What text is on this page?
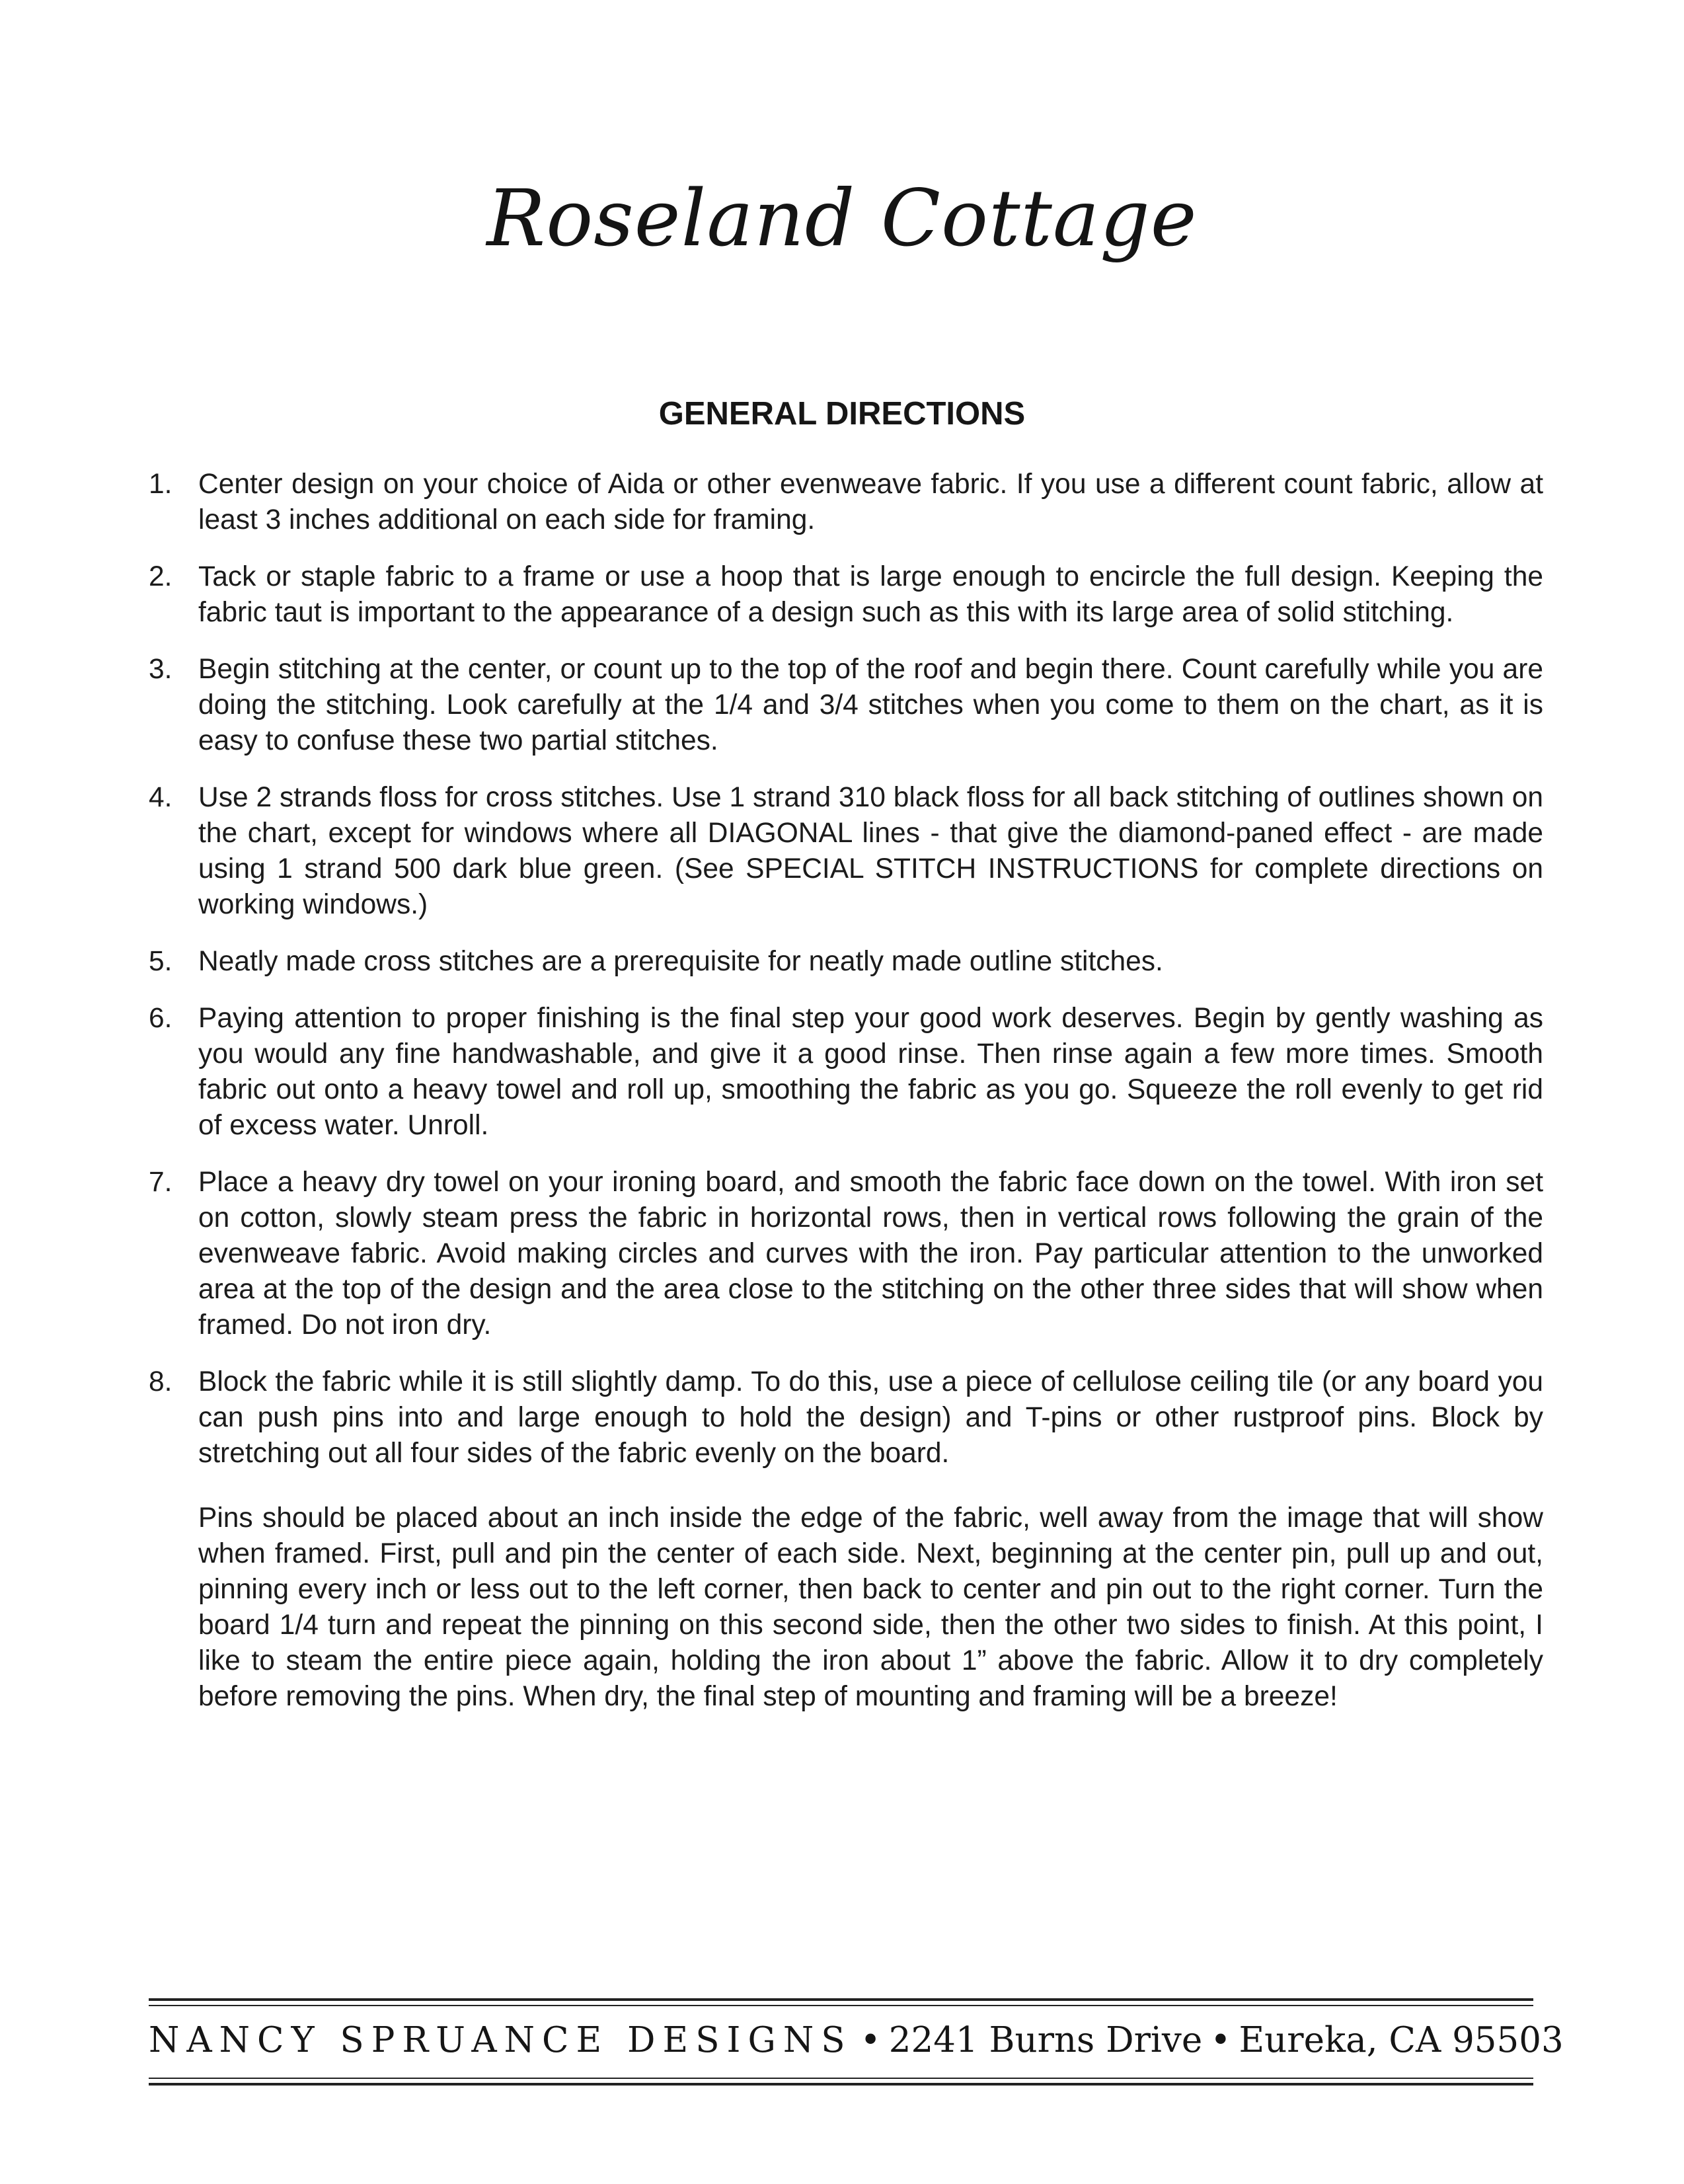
Roseland Cottage
GENERAL DIRECTIONS
1. Center design on your choice of Aida or other evenweave fabric. If you use a different count fabric, allow at least 3 inches additional on each side for framing.
2. Tack or staple fabric to a frame or use a hoop that is large enough to encircle the full design. Keeping the fabric taut is important to the appearance of a design such as this with its large area of solid stitching.
3. Begin stitching at the center, or count up to the top of the roof and begin there. Count carefully while you are doing the stitching. Look carefully at the 1/4 and 3/4 stitches when you come to them on the chart, as it is easy to confuse these two partial stitches.
4. Use 2 strands floss for cross stitches. Use 1 strand 310 black floss for all back stitching of outlines shown on the chart, except for windows where all DIAGONAL lines - that give the diamond-paned effect - are made using 1 strand 500 dark blue green. (See SPECIAL STITCH INSTRUCTIONS for complete directions on working windows.)
5. Neatly made cross stitches are a prerequisite for neatly made outline stitches.
6. Paying attention to proper finishing is the final step your good work deserves. Begin by gently washing as you would any fine handwashable, and give it a good rinse. Then rinse again a few more times. Smooth fabric out onto a heavy towel and roll up, smoothing the fabric as you go. Squeeze the roll evenly to get rid of excess water. Unroll.
7. Place a heavy dry towel on your ironing board, and smooth the fabric face down on the towel. With iron set on cotton, slowly steam press the fabric in horizontal rows, then in vertical rows following the grain of the evenweave fabric. Avoid making circles and curves with the iron. Pay particular attention to the unworked area at the top of the design and the area close to the stitching on the other three sides that will show when framed. Do not iron dry.
8. Block the fabric while it is still slightly damp. To do this, use a piece of cellulose ceiling tile (or any board you can push pins into and large enough to hold the design) and T-pins or other rustproof pins. Block by stretching out all four sides of the fabric evenly on the board.
Pins should be placed about an inch inside the edge of the fabric, well away from the image that will show when framed. First, pull and pin the center of each side. Next, beginning at the center pin, pull up and out, pinning every inch or less out to the left corner, then back to center and pin out to the right corner. Turn the board 1/4 turn and repeat the pinning on this second side, then the other two sides to finish. At this point, I like to steam the entire piece again, holding the iron about 1” above the fabric. Allow it to dry completely before removing the pins. When dry, the final step of mounting and framing will be a breeze!
NANCY SPRUANCE DESIGNS • 2241 Burns Drive • Eureka, CA 95503
